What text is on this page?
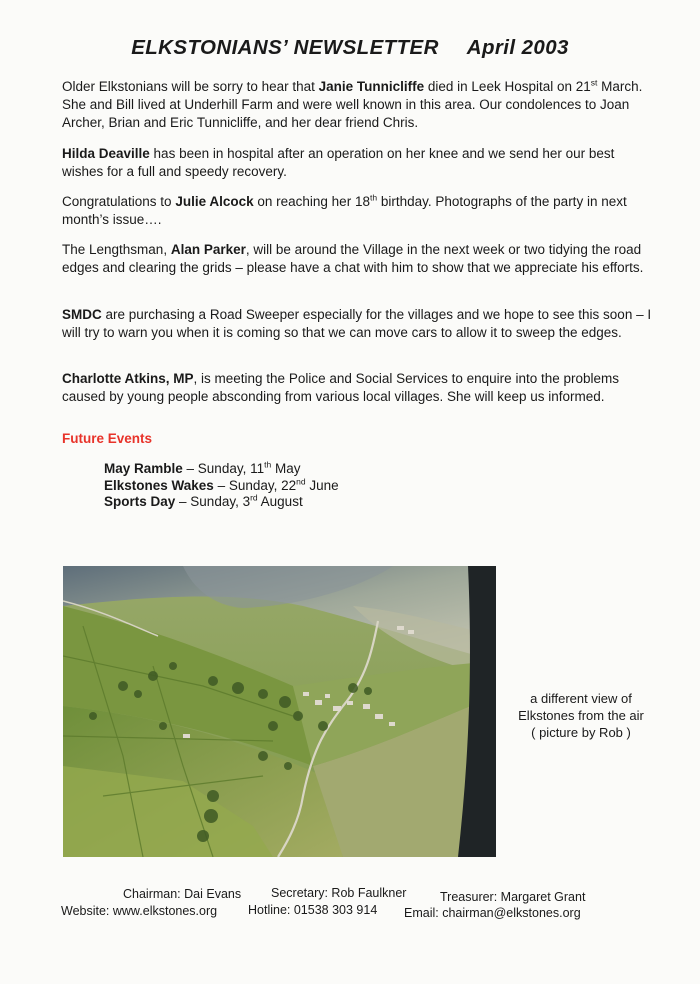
ELKSTONIANS’ NEWSLETTER April 2003
Older Elkstonians will be sorry to hear that Janie Tunnicliffe died in Leek Hospital on 21st March. She and Bill lived at Underhill Farm and were well known in this area. Our condolences to Joan Archer, Brian and Eric Tunnicliffe, and her dear friend Chris.
Hilda Deaville has been in hospital after an operation on her knee and we send her our best wishes for a full and speedy recovery.
Congratulations to Julie Alcock on reaching her 18th birthday. Photographs of the party in next month’s issue….
The Lengthsman, Alan Parker, will be around the Village in the next week or two tidying the road edges and clearing the grids – please have a chat with him to show that we appreciate his efforts.
SMDC are purchasing a Road Sweeper especially for the villages and we hope to see this soon – I will try to warn you when it is coming so that we can move cars to allow it to sweep the edges.
Charlotte Atkins, MP, is meeting the Police and Social Services to enquire into the problems caused by young people absconding from various local villages. She will keep us informed.
Future Events
May Ramble – Sunday, 11th May
Elkstones Wakes – Sunday, 22nd June
Sports Day – Sunday, 3rd August
a different view of
Elkstones from the air
( picture by Rob )
Chairman: Dai Evans Secretary: Rob Faulkner	Treasurer: Margaret Grant
Website: www.elkstones.org Hotline: 01538 303 914 Email: chairman@elkstones.org
